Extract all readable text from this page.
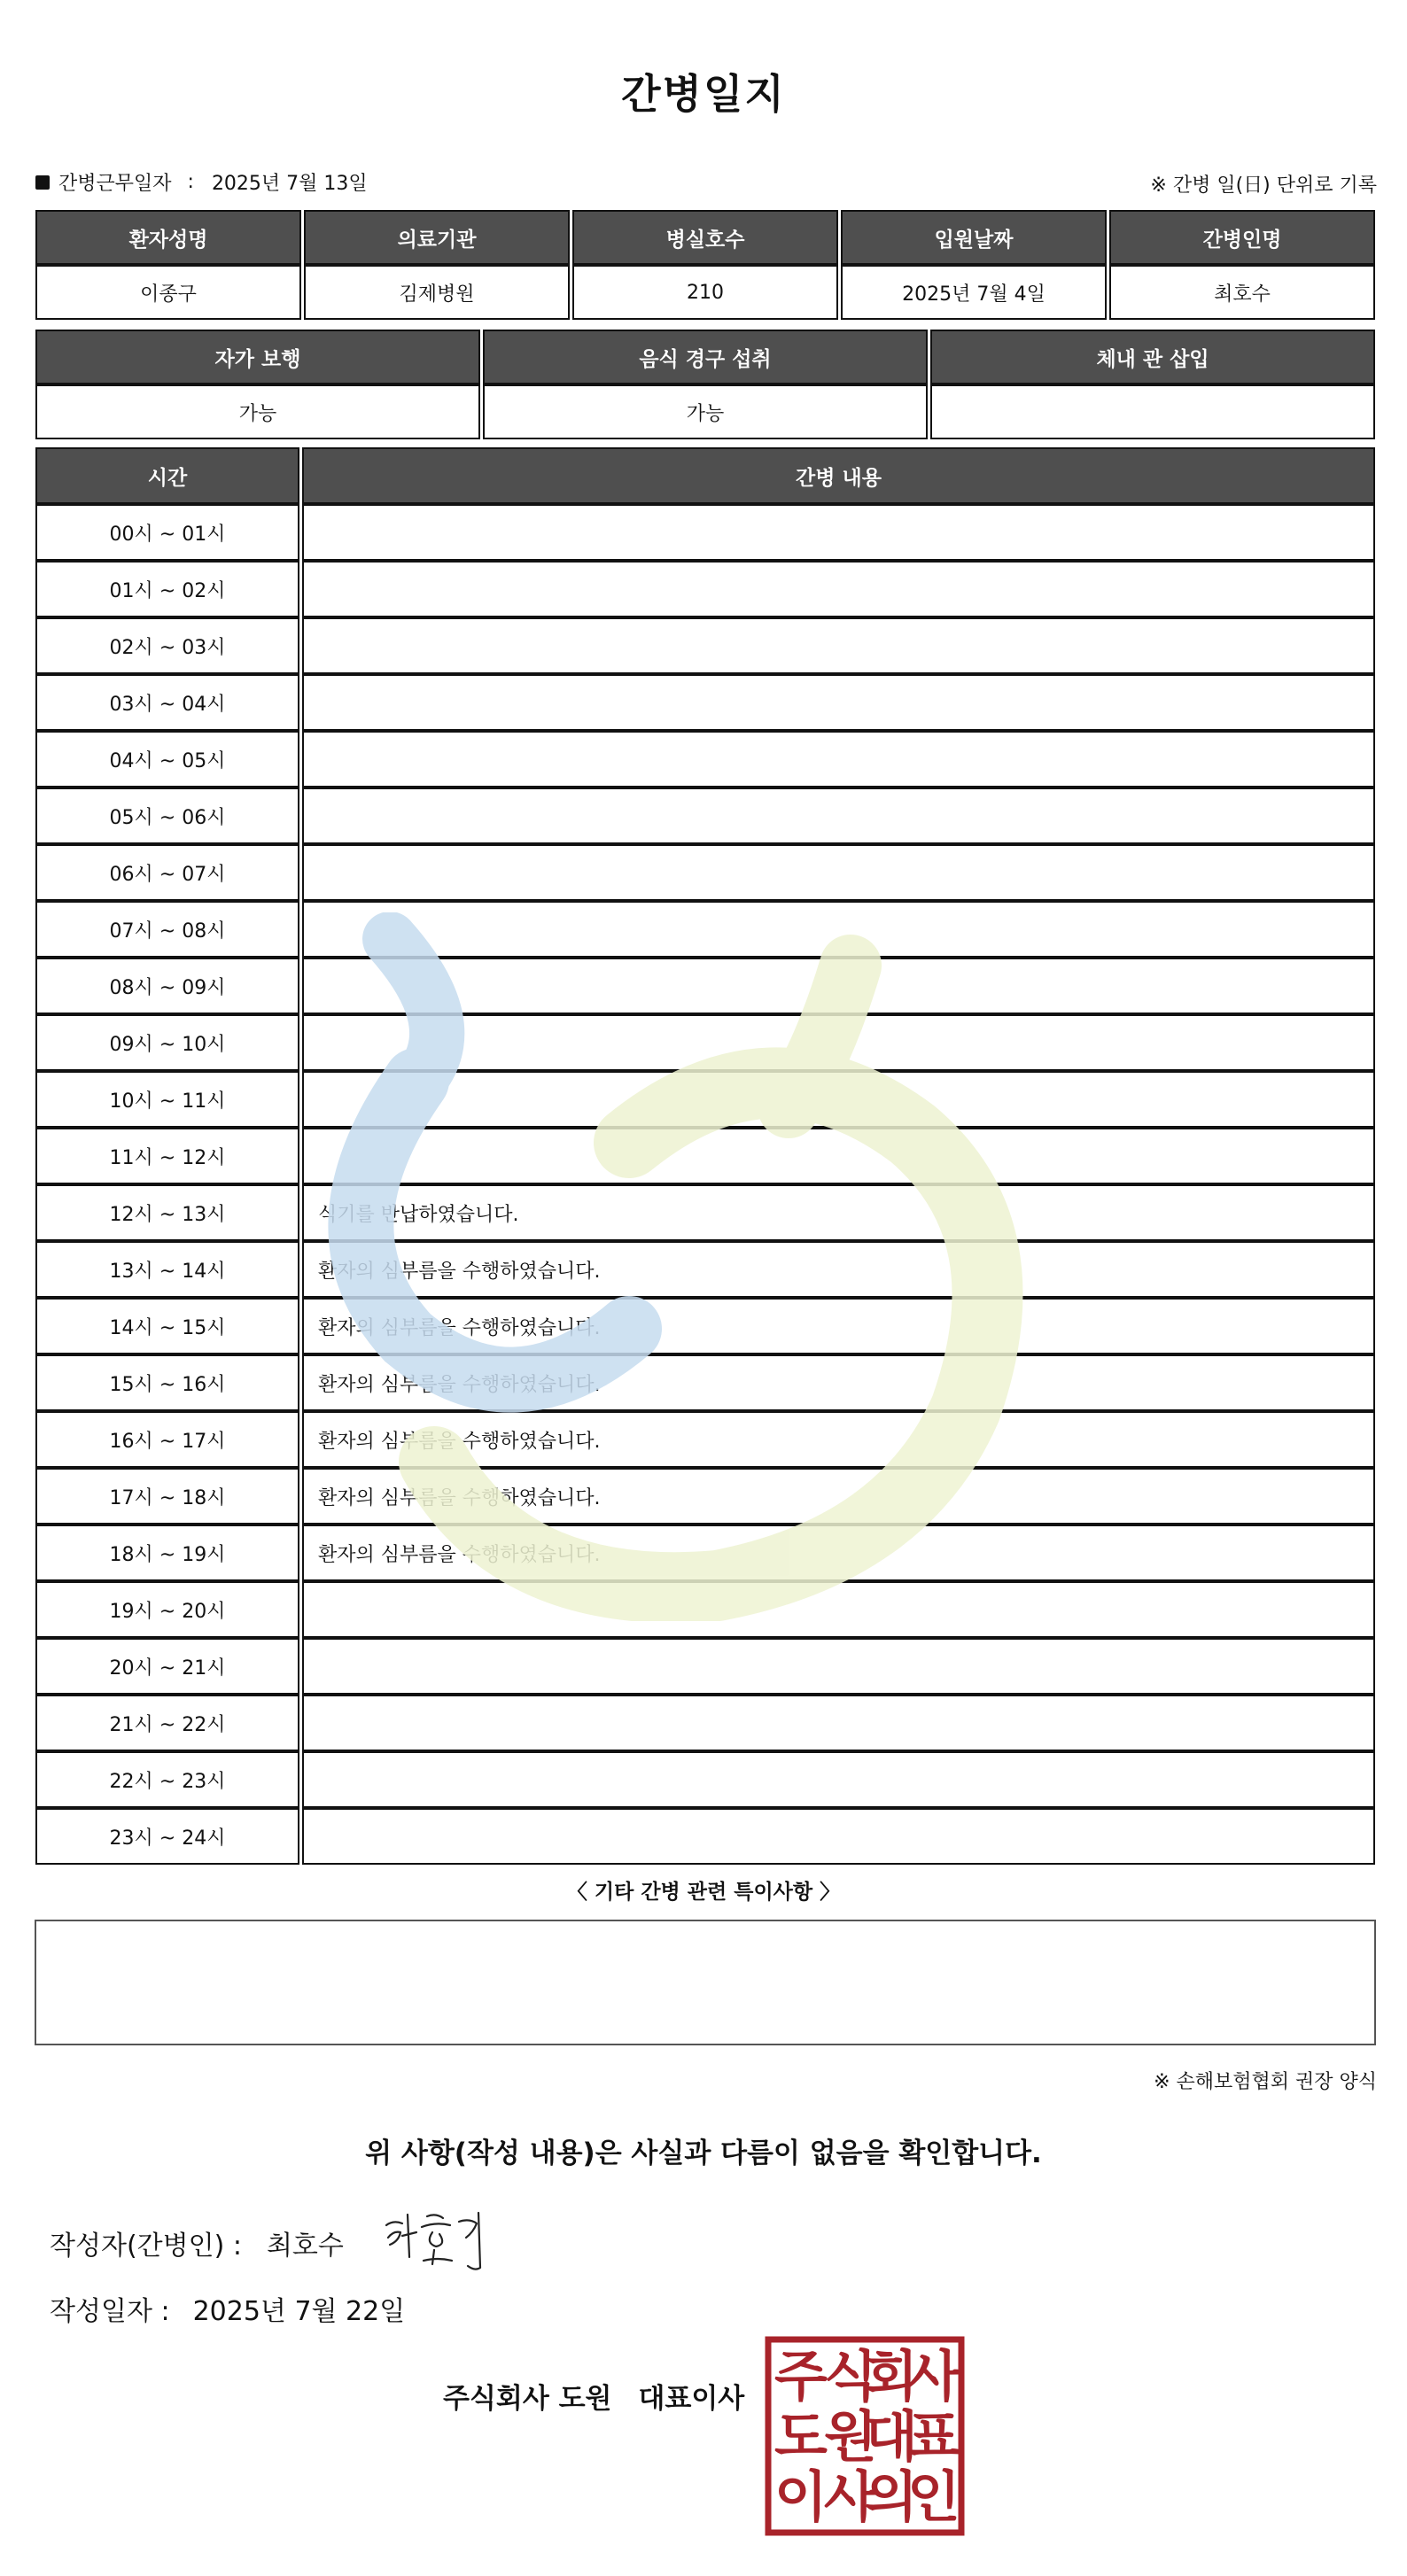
간병일지
간병근무일자 : 2025년 7월 13일	※ 간병 일(日) 단위로 기록
환자성명	의료기관	병실호수	입원날짜	간병인명
이종구	김제병원	210	2025년 7월 4일	최호수
자가 보행	음식 경구 섭취	체내 관 삽입
가능	가능	
시간	간병 내용
00시 ~ 01시	
01시 ~ 02시	
02시 ~ 03시	
03시 ~ 04시	
04시 ~ 05시	
05시 ~ 06시	
06시 ~ 07시	
07시 ~ 08시	
08시 ~ 09시	
09시 ~ 10시	
10시 ~ 11시	
11시 ~ 12시	
12시 ~ 13시	식기를 반납하였습니다.
13시 ~ 14시	환자의 심부름을 수행하였습니다.
14시 ~ 15시	환자의 심부름을 수행하였습니다.
15시 ~ 16시	환자의 심부름을 수행하였습니다.
16시 ~ 17시	환자의 심부름을 수행하였습니다.
17시 ~ 18시	환자의 심부름을 수행하였습니다.
18시 ~ 19시	환자의 심부름을 수행하였습니다.
19시 ~ 20시	
20시 ~ 21시	
21시 ~ 22시	
22시 ~ 23시	
23시 ~ 24시	
〈 기타 간병 관련 특이사항 〉
※ 손해보험협회 권장 양식
위 사항(작성 내용)은 사실과 다름이 없음을 확인합니다.
작성자(간병인) : 최호수
작성일자 : 2025년 7월 22일
주식회사 도원 대표이사 주
식
회
사
도
원
대
표
이
사
의
인
